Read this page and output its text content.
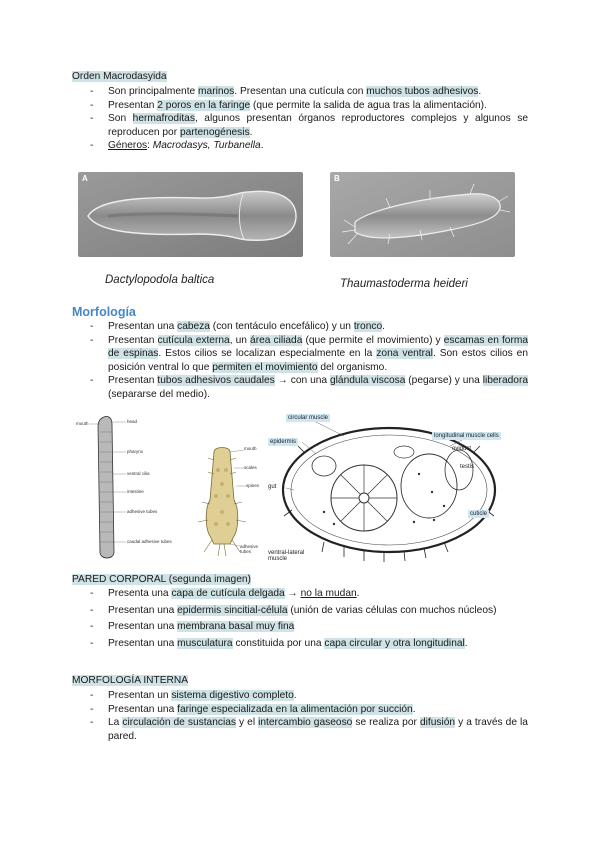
Orden Macrodasyida
- Son principalmente marinos. Presentan una cutícula con muchos tubos adhesivos.
- Presentan 2 poros en la faringe (que permite la salida de agua tras la alimentación).
- Son hermafroditas, algunos presentan órganos reproductores complejos y algunos se reproducen por partenogénesis.
- Géneros: Macrodasys, Turbanella.
A
Dactylopodola baltica
B
Thaumastoderma heideri
Morfología
- Presentan una cabeza (con tentáculo encefálico) y un tronco.
- Presentan cutícula externa, un área ciliada (que permite el movimiento) y escamas en forma de espinas. Estos cilios se localizan especialmente en la zona ventral. Son estos cilios en posición ventral lo que permiten el movimiento del organismo.
- Presentan tubos adhesivos caudales → con una glándula viscosa (pegarse) y una liberadora (separarse del medio).
head
mouth
pharynx
ventral cilia
intestine
adhesive tubes
caudal adhesive tubes
mouth
scales
spines
adhesive tubes
circular muscle
epidermis
longitudinal muscle cells
gut
cuticle
ventral-lateral muscle
oviduct
testis
PARED CORPORAL (segunda imagen)
- Presenta una capa de cutícula delgada → no la mudan.
- Presentan una epidermis sincitial-célula (unión de varias células con muchos núcleos)
- Presentan una membrana basal muy fina
- Presentan una musculatura constituida por una capa circular y otra longitudinal.
MORFOLOGÍA INTERNA
- Presentan un sistema digestivo completo.
- Presentan una faringe especializada en la alimentación por succión.
- La circulación de sustancias y el intercambio gaseoso se realiza por difusión y a través de la pared.
